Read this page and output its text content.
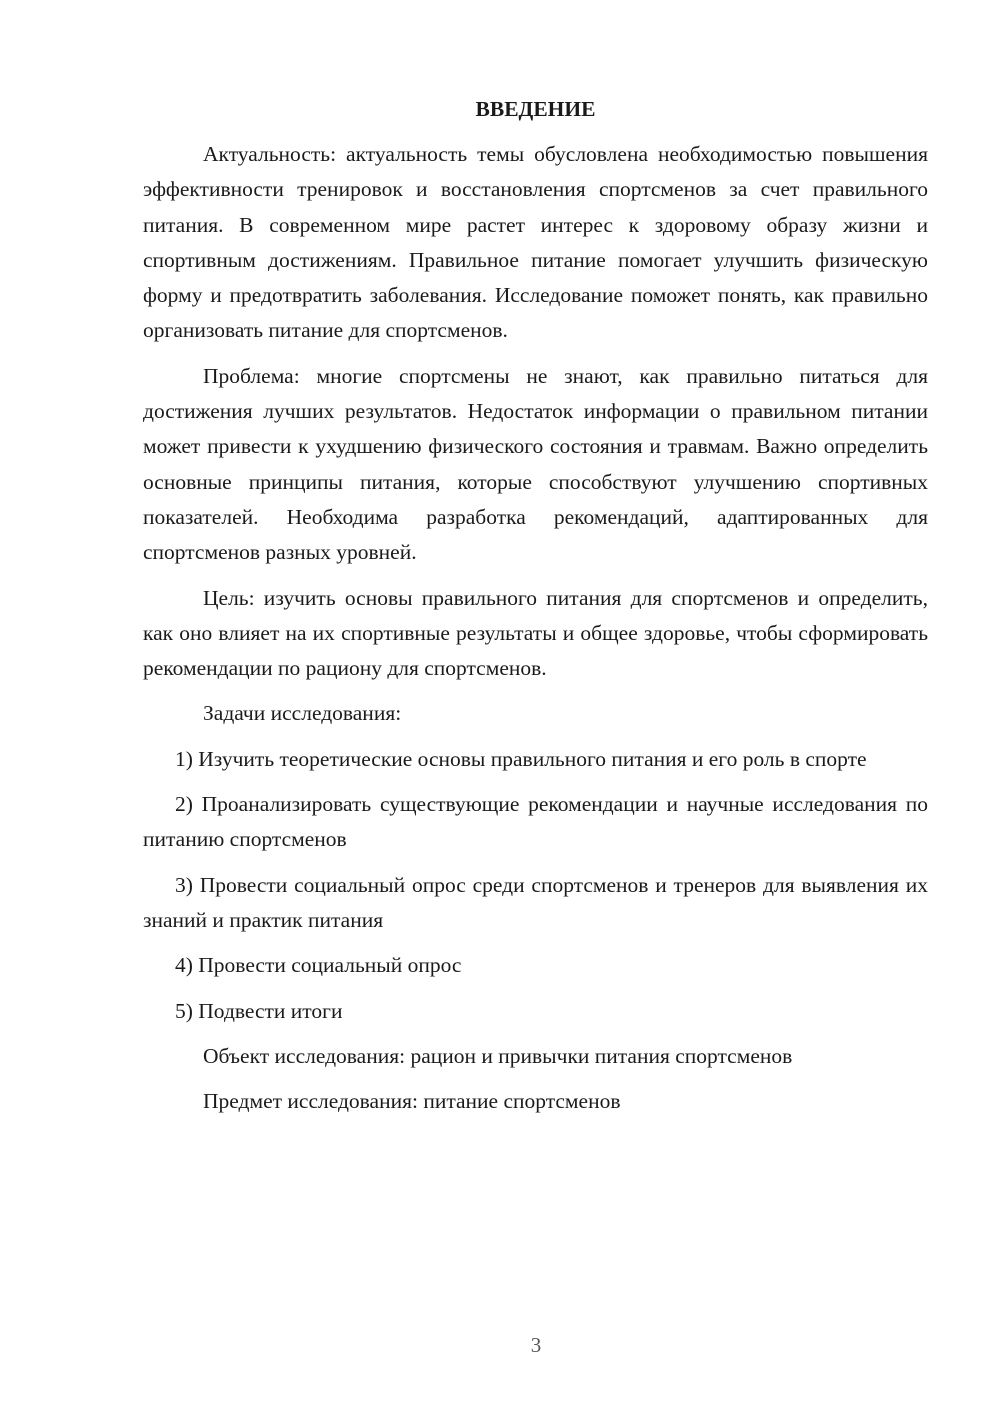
ВВЕДЕНИЕ

Актуальность: актуальность темы обусловлена необходимостью повышения эффективности тренировок и восстановления спортсменов за счет правильного питания. В современном мире растет интерес к здоровому образу жизни и спортивным достижениям. Правильное питание помогает улучшить физическую форму и предотвратить заболевания. Исследование поможет понять, как правильно организовать питание для спортсменов.

Проблема: многие спортсмены не знают, как правильно питаться для достижения лучших результатов. Недостаток информации о правильном питании может привести к ухудшению физического состояния и травмам. Важно определить основные принципы питания, которые способствуют улучшению спортивных показателей. Необходима разработка рекомендаций, адаптированных для спортсменов разных уровней.

Цель: изучить основы правильного питания для спортсменов и определить, как оно влияет на их спортивные результаты и общее здоровье, чтобы сформировать рекомендации по рациону для спортсменов.

Задачи исследования:

1) Изучить теоретические основы правильного питания и его роль в спорте

2) Проанализировать существующие рекомендации и научные исследования по питанию спортсменов

3) Провести социальный опрос среди спортсменов и тренеров для выявления их знаний и практик питания

4) Провести социальный опрос

5) Подвести итоги

Объект исследования: рацион и привычки питания спортсменов

Предмет исследования: питание спортсменов

3
